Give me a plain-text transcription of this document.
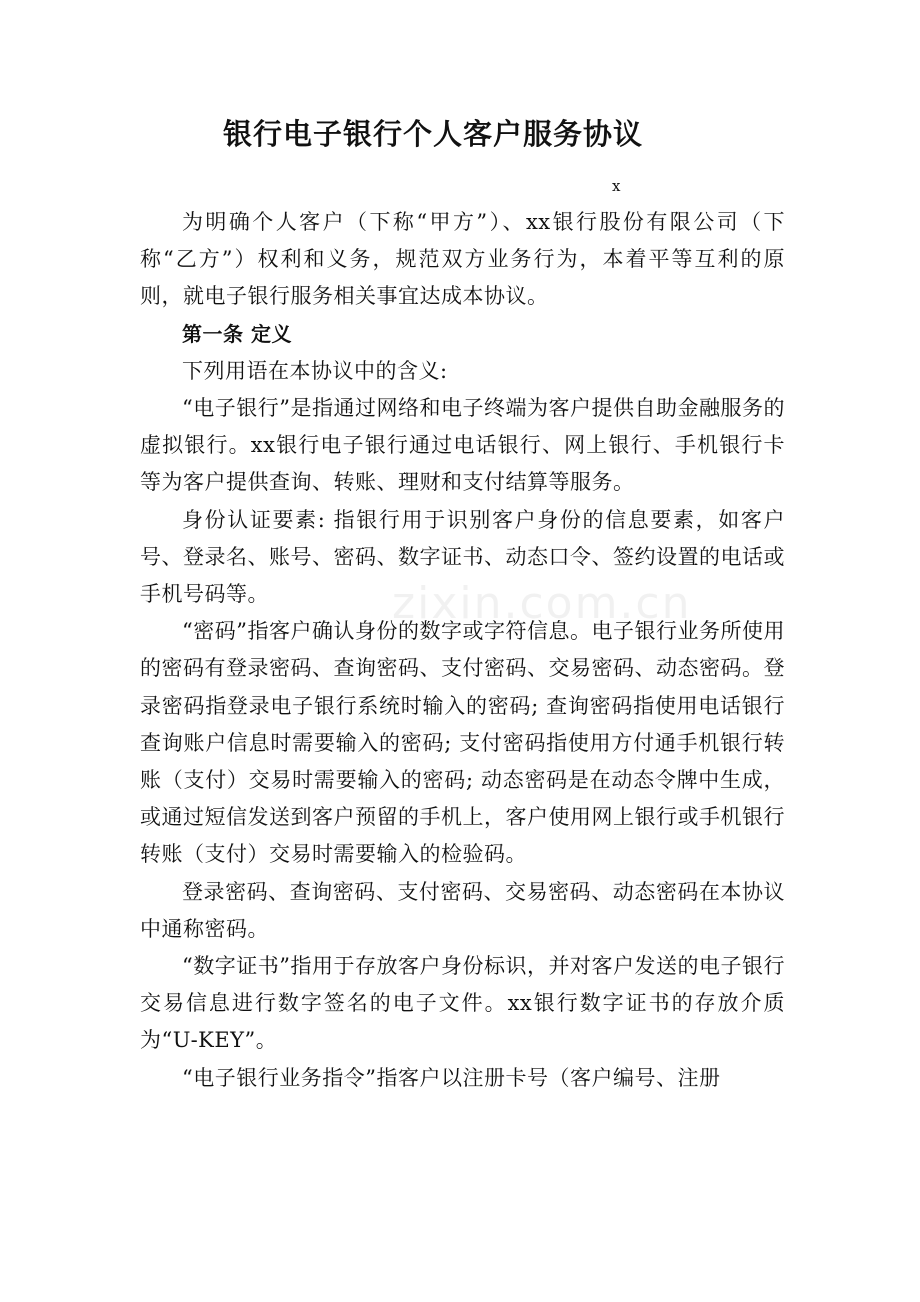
银行电子银行个人客户服务协议
x

为明确个人客户（下称“甲方”）、xx银行股份有限公司（下称“乙方”）权利和义务，规范双方业务行为，本着平等互利的原则，就电子银行服务相关事宜达成本协议。

第一条 定义

下列用语在本协议中的含义:

“电子银行”是指通过网络和电子终端为客户提供自助金融服务的虚拟银行。xx银行电子银行通过电话银行、网上银行、手机银行卡等为客户提供查询、转账、理财和支付结算等服务。

身份认证要素: 指银行用于识别客户身份的信息要素，如客户号、登录名、账号、密码、数字证书、动态口令、签约设置的电话或手机号码等。

“密码”指客户确认身份的数字或字符信息。电子银行业务所使用的密码有登录密码、查询密码、支付密码、交易密码、动态密码。登录密码指登录电子银行系统时输入的密码; 查询密码指使用电话银行查询账户信息时需要输入的密码; 支付密码指使用方付通手机银行转账（支付）交易时需要输入的密码; 动态密码是在动态令牌中生成，或通过短信发送到客户预留的手机上，客户使用网上银行或手机银行转账（支付）交易时需要输入的检验码。

登录密码、查询密码、支付密码、交易密码、动态密码在本协议中通称密码。

“数字证书”指用于存放客户身份标识，并对客户发送的电子银行交易信息进行数字签名的电子文件。xx银行数字证书的存放介质为“U-KEY”。

“电子银行业务指令”指客户以注册卡号（客户编号、注册

zixin.com.cn
